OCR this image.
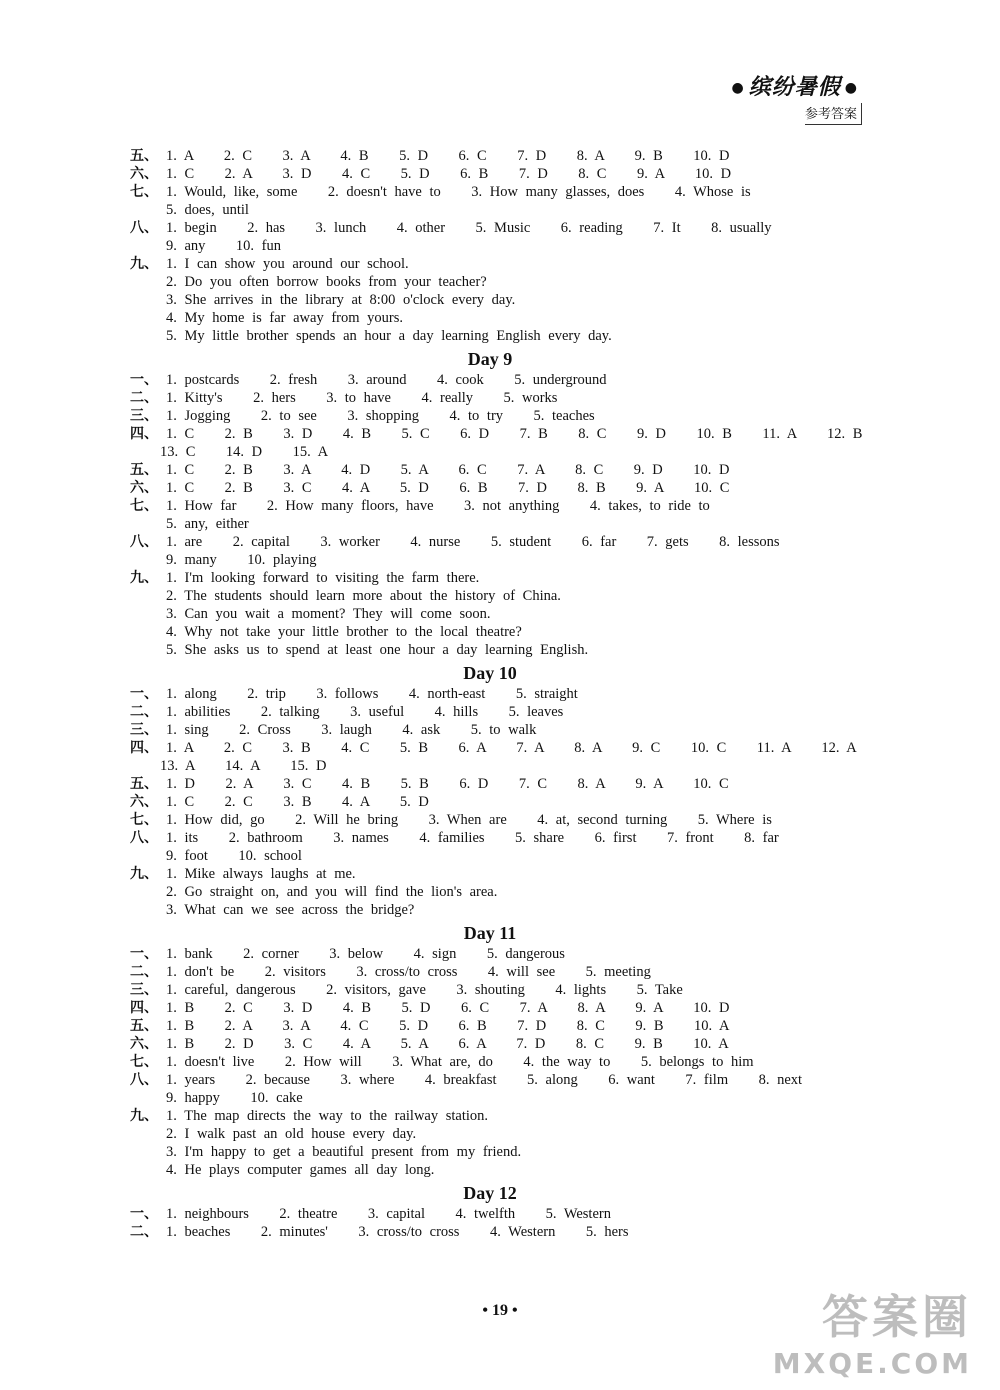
● 缤纷暑假 ●
参考答案
五、 1. A    2. C    3. A    4. B    5. D    6. C    7. D    8. A    9. B    10. D
六、 1. C    2. A    3. D    4. C    5. D    6. B    7. D    8. C    9. A    10. D
七、 1. Would, like, some    2. doesn't have to    3. How many glasses, does    4. Whose is
5. does, until
八、 1. begin    2. has    3. lunch    4. other    5. Music    6. reading    7. It    8. usually
9. any    10. fun
九、 1. I can show you around our school.
2. Do you often borrow books from your teacher?
3. She arrives in the library at 8:00 o'clock every day.
4. My home is far away from yours.
5. My little brother spends an hour a day learning English every day.
Day 9
一、 1. postcards    2. fresh    3. around    4. cook    5. underground
二、 1. Kitty's    2. hers    3. to have    4. really    5. works
三、 1. Jogging    2. to see    3. shopping    4. to try    5. teaches
四、 1. C    2. B    3. D    4. B    5. C    6. D    7. B    8. C    9. D    10. B    11. A    12. B
13. C    14. D    15. A
五、 1. C    2. B    3. A    4. D    5. A    6. C    7. A    8. C    9. D    10. D
六、 1. C    2. B    3. C    4. A    5. D    6. B    7. D    8. B    9. A    10. C
七、 1. How far    2. How many floors, have    3. not anything    4. takes, to ride to
5. any, either
八、 1. are    2. capital    3. worker    4. nurse    5. student    6. far    7. gets    8. lessons
9. many    10. playing
九、 1. I'm looking forward to visiting the farm there.
2. The students should learn more about the history of China.
3. Can you wait a moment? They will come soon.
4. Why not take your little brother to the local theatre?
5. She asks us to spend at least one hour a day learning English.
Day 10
一、 1. along    2. trip    3. follows    4. north-east    5. straight
二、 1. abilities    2. talking    3. useful    4. hills    5. leaves
三、 1. sing    2. Cross    3. laugh    4. ask    5. to walk
四、 1. A    2. C    3. B    4. C    5. B    6. A    7. A    8. A    9. C    10. C    11. A    12. A
13. A    14. A    15. D
五、 1. D    2. A    3. C    4. B    5. B    6. D    7. C    8. A    9. A    10. C
六、 1. C    2. C    3. B    4. A    5. D
七、 1. How did, go    2. Will he bring    3. When are    4. at, second turning    5. Where is
八、 1. its    2. bathroom    3. names    4. families    5. share    6. first    7. front    8. far
9. foot    10. school
九、 1. Mike always laughs at me.
2. Go straight on, and you will find the lion's area.
3. What can we see across the bridge?
Day 11
一、 1. bank    2. corner    3. below    4. sign    5. dangerous
二、 1. don't be    2. visitors    3. cross/to cross    4. will see    5. meeting
三、 1. careful, dangerous    2. visitors, gave    3. shouting    4. lights    5. Take
四、 1. B    2. C    3. D    4. B    5. D    6. C    7. A    8. A    9. A    10. D
五、 1. B    2. A    3. A    4. C    5. D    6. B    7. D    8. C    9. B    10. A
六、 1. B    2. D    3. C    4. A    5. A    6. A    7. D    8. C    9. B    10. A
七、 1. doesn't live    2. How will    3. What are, do    4. the way to    5. belongs to him
八、 1. years    2. because    3. where    4. breakfast    5. along    6. want    7. film    8. next
9. happy    10. cake
九、 1. The map directs the way to the railway station.
2. I walk past an old house every day.
3. I'm happy to get a beautiful present from my friend.
4. He plays computer games all day long.
Day 12
一、 1. neighbours    2. theatre    3. capital    4. twelfth    5. Western
二、 1. beaches    2. minutes'    3. cross/to cross    4. Western    5. hers
• 19 •	答案圈
MXQE.COM
